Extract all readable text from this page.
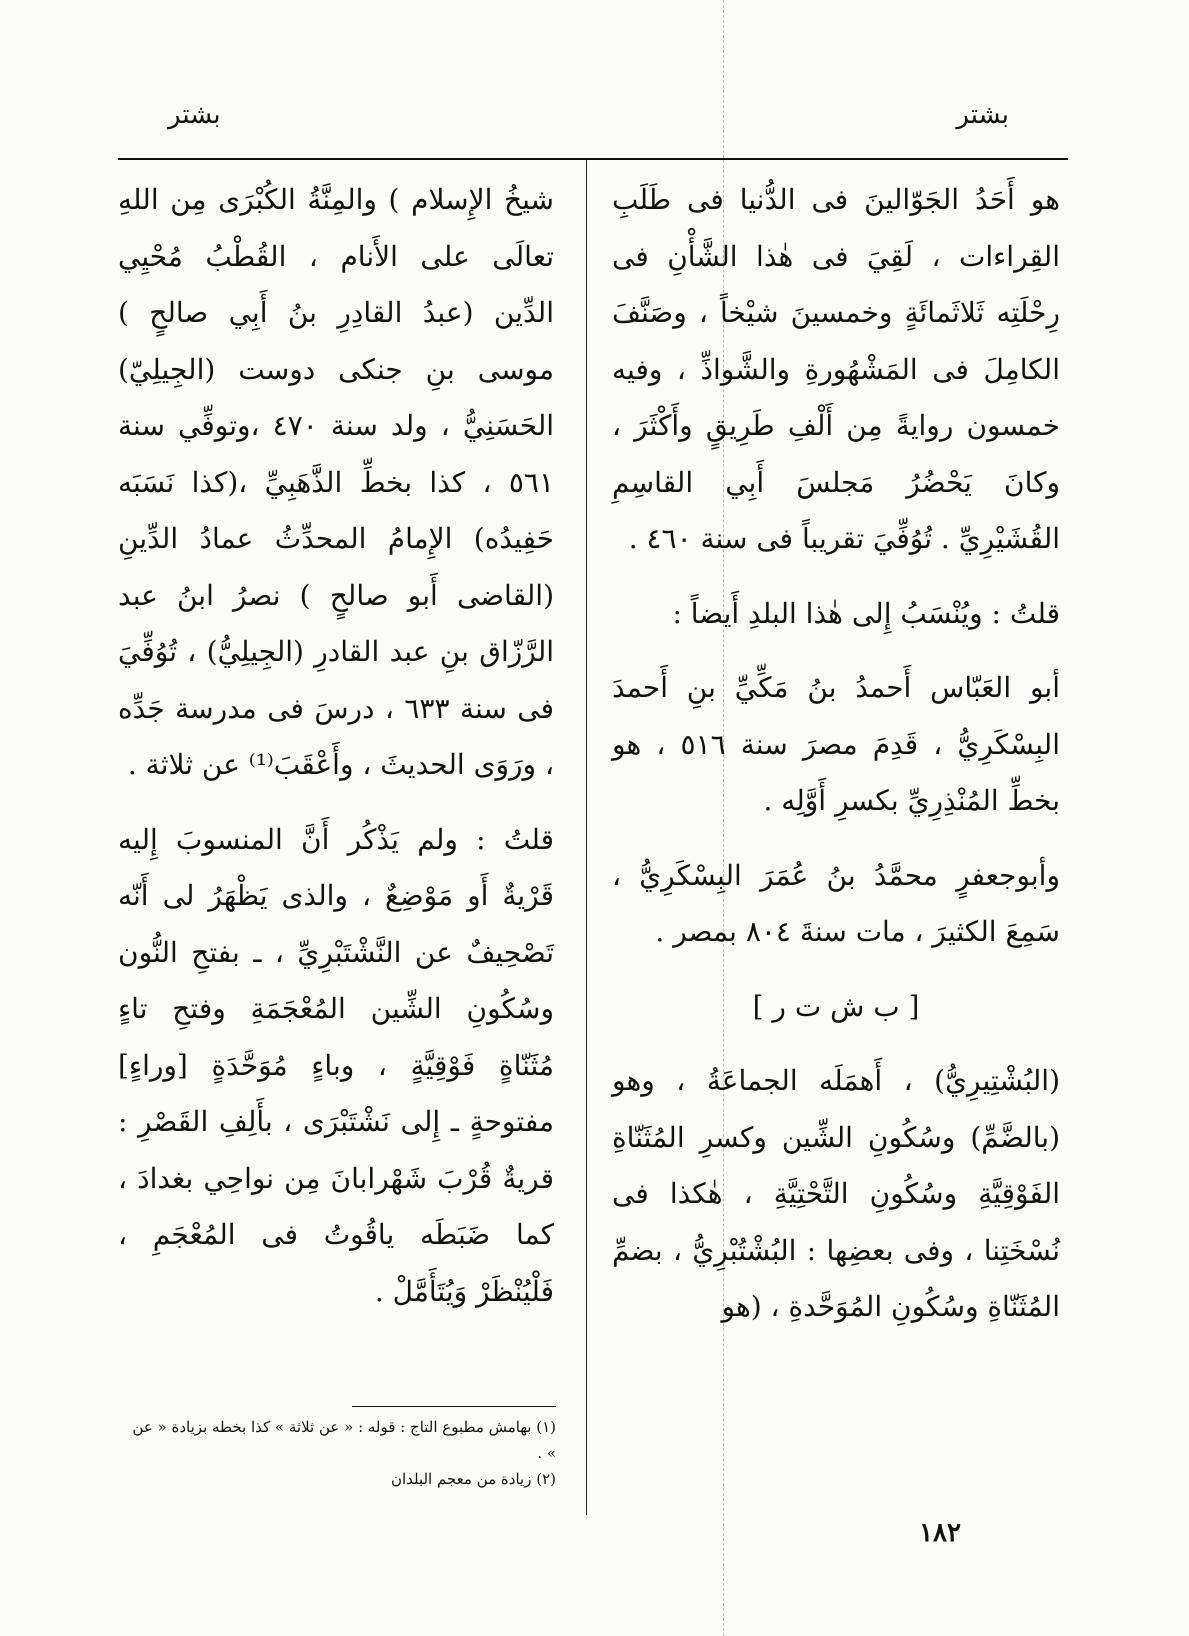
بشتر
بشتر

هو أَحَدُ الجَوّالينَ فى الدُّنيا فى طَلَبِ القِراءات ، لَقِيَ فى هٰذا الشَّأْنِ فى رِحْلَتِه ثَلاثَمائَةٍ وخمسينَ شيْخاً ، وصَنَّفَ الكامِلَ فى المَشْهُورةِ والشَّواذِّ ، وفيه خمسون روايةً مِن أَلْفِ طَرِيقٍ وأَكْثَرَ ، وكانَ يَحْضُرُ مَجلسَ أَبِي القاسِمِ القُشَيْرِيِّ . تُوُفِّيَ تقريباً فى سنة ٤٦٠ .

قلتُ : ويُنْسَبُ إِلى هٰذا البلدِ أَيضاً :

أبو العَبّاس أَحمدُ بنُ مَكِّيِّ بنِ أَحمدَ البِسْكَرِيُّ ، قَدِمَ مصرَ سنة ٥١٦ ، هو بخطِّ المُنْذِرِيِّ بكسرِ أَوَّلِه .

وأبوجعفرٍ محمَّدُ بنُ عُمَرَ البِسْكَرِيُّ ، سَمِعَ الكثيرَ ، مات سنةَ ٨٠٤ بمصر .

[ ب ش ت ر ]

(البُشْتِيرِيُّ) ، أَهمَلَه الجماعَةُ ، وهو (بالضَّمِّ) وسُكُونِ الشِّين وكسرِ المُثَنّاةِ الفَوْقِيَّةِ وسُكُونِ التَّحْتِيَّةِ ، هٰكذا فى نُسْخَتِنا ، وفى بعضِها : البُشْتُبْرِيُّ ، بضمِّ المُثَنّاةِ وسُكُونِ المُوَحَّدةِ ، (هو

شيخُ الإِسلام ) والمِنَّةُ الكُبْرَى مِن اللهِ تعالَى على الأَنام ، القُطْبُ مُحْيِي الدِّين (عبدُ القادِرِ بنُ أَبِي صالحٍ ) موسى بنِ جنكى دوست (الجِيلِيّ) الحَسَنِيُّ ، ولد سنة ٤٧٠ ،وتوفِّي سنة ٥٦١ ، كذا بخطِّ الذَّهَبِيِّ ،(كذا نَسَبَه حَفِيدُه) الإِمامُ المحدِّثُ عمادُ الدِّينِ (القاضى أَبو صالحٍ ) نصرُ ابنُ عبد الرَّزّاق بنِ عبد القادرِ (الجِيلِيُّ) ، تُوُفِّيَ فى سنة ٦٣٣ ، درسَ فى مدرسة جَدِّه ، ورَوَى الحديثَ ، وأَعْقَبَ⁽¹⁾ عن ثلاثة .

قلتُ : ولم يَذْكُر أَنَّ المنسوبَ إِليه قَرْيةٌ أَو مَوْضِعٌ ، والذى يَظْهَرُ لى أَنّه تَصْحِيفٌ عن النَّشْتَبْرِيِّ ، ـ بفتحِ النُّون وسُكُونِ الشِّين المُعْجَمَةِ وفتحِ تاءٍ مُثَنّاةٍ فَوْقِيَّةٍ ، وباءٍ مُوَحَّدَةٍ [وراءٍ] مفتوحةٍ ـ إِلى نَشْتَبْرَى ، بأَلِفِ القَصْرِ : قريةٌ قُرْبَ شَهْرابانَ مِن نواحِي بغدادَ ، كما ضَبَطَه ياقُوتُ فى المُعْجَمِ ، فَلْيُنْظَرْ وَيُتَأَمَّلْ .

(١) بهامش مطبوع التاج : قوله : « عن ثلاثة » كذا بخطه بزيادة « عن » .

(٢) زيادة من معجم البلدان

١٨٢
